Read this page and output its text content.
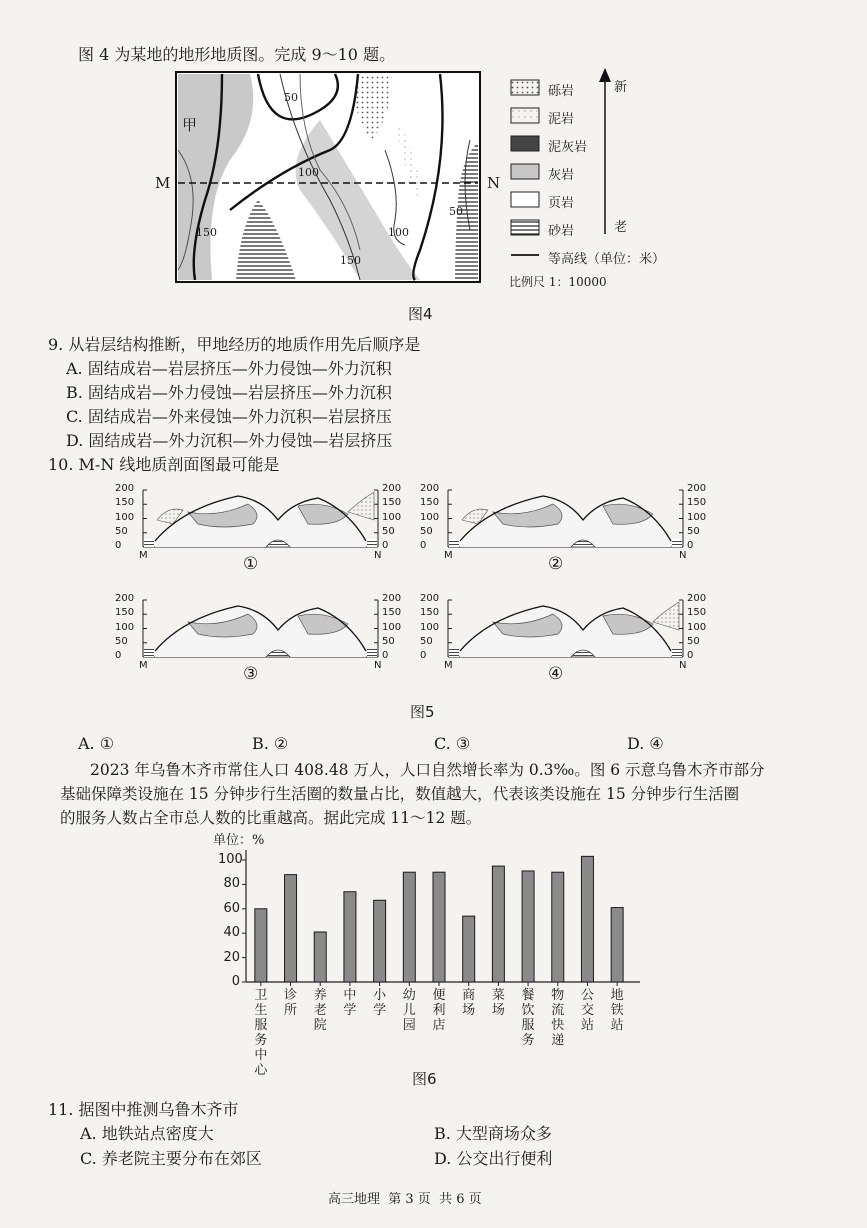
图 4 为某地的地形地质图。完成 9～10 题。
甲
M	N
50
100
150	100
150
50
砾岩
泥岩
泥灰岩
灰岩
页岩
砂岩
等高线（单位：米）
新
老
比例尺 1：10000
图4
9. 从岩层结构推断，甲地经历的地质作用先后顺序是
A. 固结成岩—岩层挤压—外力侵蚀—外力沉积
B. 固结成岩—外力侵蚀—岩层挤压—外力沉积
C. 固结成岩—外来侵蚀—外力沉积—岩层挤压
D. 固结成岩—外力沉积—外力侵蚀—岩层挤压
10. M-N 线地质剖面图最可能是
200	200
150	150
100	100
50	50
0	0
M	N
①
200	200
150	150
100	100
50	50
0	0
M	N
②
200	200
150	150
100	100
50	50
0	0
M	N
③
200	200
150	150
100	100
50	50
0	0
M	N
④
图5
A. ①	B. ②	C. ③	D. ④
2023 年乌鲁木齐市常住人口 408.48 万人，人口自然增长率为 0.3‰。图 6 示意乌鲁木齐市部分
基础保障类设施在 15 分钟步行生活圈的数量占比，数值越大，代表该类设施在 15 分钟步行生活圈
的服务人数占全市总人数的比重越高。据此完成 11～12 题。
单位：%
100
80
60
40
20
0
卫生服务中心
诊所
养老院
中学
小学
幼儿园
便利店
商场
菜场
餐饮服务
物流快递
公交站
地铁站
图6
11. 据图中推测乌鲁木齐市
A. 地铁站点密度大	B. 大型商场众多
C. 养老院主要分布在郊区	D. 公交出行便利
高三地理  第 3 页  共 6 页
